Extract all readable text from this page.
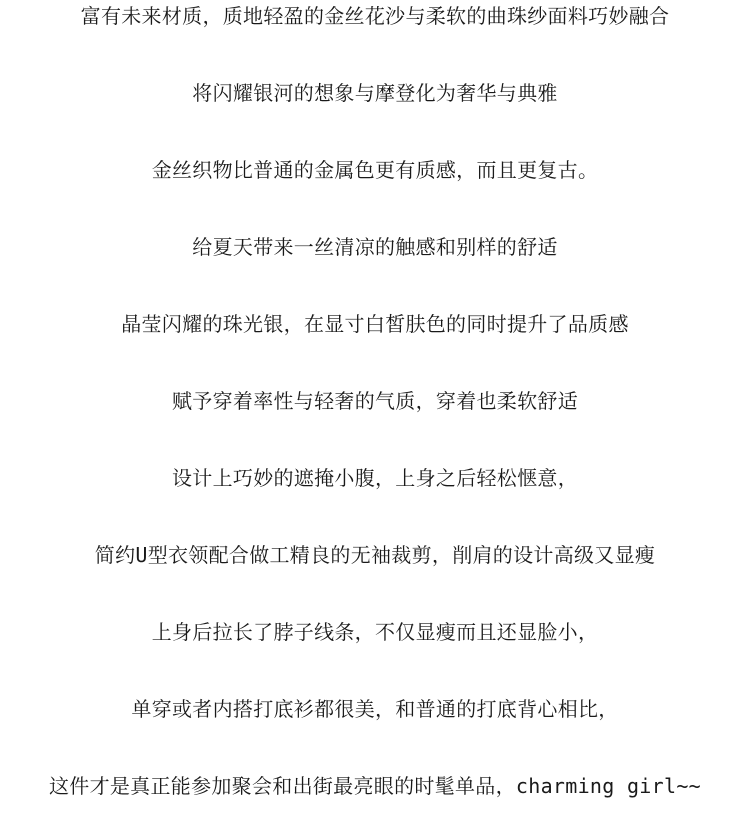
富有未来材质，质地轻盈的金丝花沙与柔软的曲珠纱面料巧妙融合
将闪耀银河的想象与摩登化为奢华与典雅
金丝织物比普通的金属色更有质感，而且更复古。
给夏天带来一丝清凉的触感和别样的舒适
晶莹闪耀的珠光银，在显寸白皙肤色的同时提升了品质感
赋予穿着率性与轻奢的气质，穿着也柔软舒适
设计上巧妙的遮掩小腹，上身之后轻松惬意，
简约U型衣领配合做工精良的无袖裁剪，削肩的设计高级又显瘦
上身后拉长了脖子线条，不仅显瘦而且还显脸小，
单穿或者内搭打底衫都很美，和普通的打底背心相比，
这件才是真正能参加聚会和出街最亮眼的时髦单品，charming girl~~
